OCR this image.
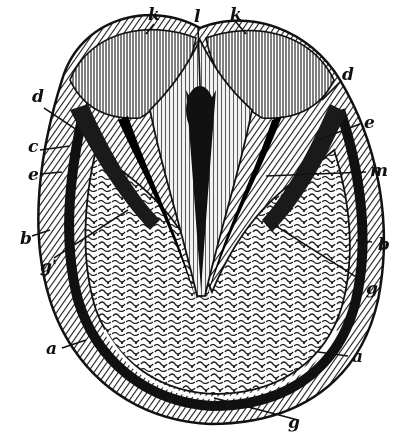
k l k
d
d
c
e
e
m
b	b
g'
g'
a	a
g
